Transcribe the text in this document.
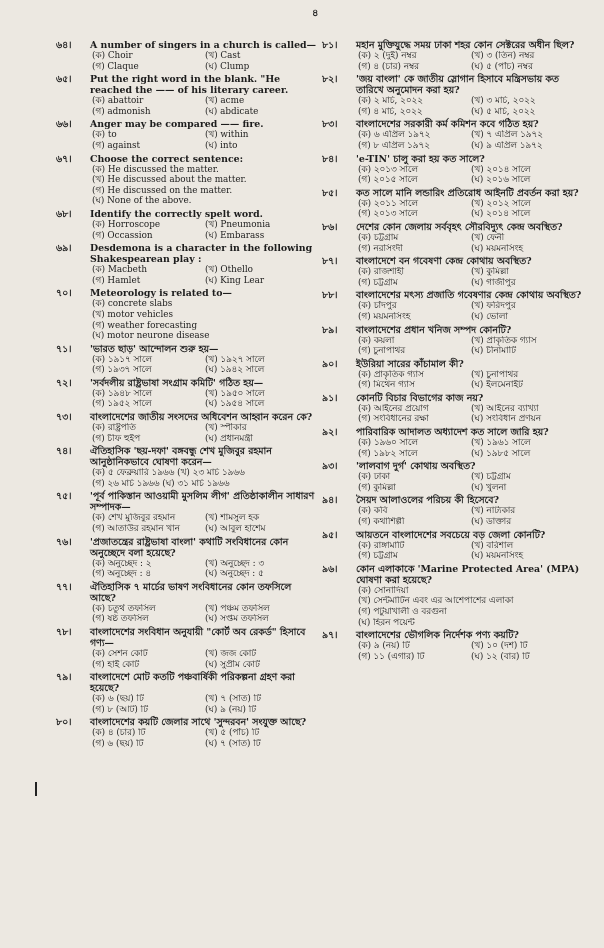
৪
৬৪।	A number of singers in a church is called—
(ক) Choir	(খ) Cast
(গ) Claque	(ঘ) Clump
৬৫।	Put the right word in the blank. "He reached the —— of his literary career.
(ক) abattoir	(খ) acme
(গ) admonish	(ঘ) abdicate
৬৬।	Anger may be compared —— fire.
(ক) to	(খ) within
(গ) against	(ঘ) into
৬৭।	Choose the correct sentence:
(ক) He discussed the matter.
(খ) He discussed about the matter.
(গ) He discussed on the matter.
(ঘ) None of the above.
৬৮।	Identify the correctly spelt word.
(ক) Horroscope	(খ) Pneumonia
(গ) Occassion	(ঘ) Embarass
৬৯।	Desdemona is a character in the following Shakespearean play :
(ক) Macbeth	(খ) Othello
(গ) Hamlet	(ঘ) King Lear
৭০।	Meteorology is related to—
(ক) concrete slabs
(খ) motor vehicles
(গ) weather forecasting
(ঘ) motor neurone disease
৭১।	'ভারত ছাড়' আন্দোলন শুরু হয়—
(ক) ১৯১৭ সালে	(খ) ১৯২৭ সালে
(গ) ১৯৩৭ সালে	(ঘ) ১৯৪২ সালে
৭২।	'সর্বদলীয় রাষ্ট্রভাষা সংগ্রাম কমিটি' গঠিত হয়—
(ক) ১৯৪৮ সালে	(খ) ১৯৫০ সালে
(গ) ১৯৫২ সালে	(ঘ) ১৯৫৪ সালে
৭৩।	বাংলাদেশের জাতীয় সংসদের অধিবেশন আহ্বান করেন কে?
(ক) রাষ্ট্রপতি	(খ) স্পীকার
(গ) চীফ হুইপ	(ঘ) প্রধানমন্ত্রী
৭৪।	ঐতিহাসিক 'ছয়-দফা' বঙ্গবন্ধু শেখ মুজিবুর রহমান আনুষ্ঠানিকভাবে ঘোষণা করেন—
(ক) ৫ ফেব্রুয়ারি ১৯৬৬ (খ) ২৩ মার্চ ১৯৬৬
(গ) ২৬ মার্চ ১৯৬৬ (ঘ) ৩১ মার্চ ১৯৬৬
৭৫।	'পূর্ব পাকিস্তান আওয়ামী মুসলিম লীগ' প্রতিষ্ঠাকালীন সাধারণ সম্পাদক—
(ক) শেখ মুজিবুর রহমান	(খ) শামসুল হক
(গ) আতাউর রহমান খান	(ঘ) আবুল হাশেম
৭৬।	'প্রজাতন্ত্রের রাষ্ট্রভাষা বাংলা' কথাটি সংবিধানের কোন অনুচ্ছেদে বলা হয়েছে?
(ক) অনুচ্ছেদ : ২	(খ) অনুচ্ছেদ : ৩
(গ) অনুচ্ছেদ : ৪	(ঘ) অনুচ্ছেদ : ৫
৭৭।	ঐতিহাসিক ৭ মার্চের ভাষণ সংবিধানের কোন তফসিলে আছে?
(ক) চতুর্থ তফসিল	(খ) পঞ্চম তফসিল
(গ) ষষ্ঠ তফসিল	(ঘ) সপ্তম তফসিল
৭৮।	বাংলাদেশের সংবিধান অনুযায়ী "কোর্ট অব রেকর্ড" হিসাবে গণ্য—
(ক) সেশন কোর্ট	(খ) জজ কোর্ট
(গ) হাই কোর্ট	(ঘ) সুপ্রীম কোর্ট
৭৯।	বাংলাদেশে মোট কতটি পঞ্চবার্ষিকী পরিকল্পনা গ্রহণ করা হয়েছে?
(ক) ৬ (ছয়) টি	(খ) ৭ (সাত) টি
(গ) ৮ (আট) টি	(ঘ) ৯ (নয়) টি
৮০।	বাংলাদেশের কয়টি জেলার সাথে 'সুন্দরবন' সংযুক্ত আছে?
(ক) ৪ (চার) টি	(খ) ৫ (পাঁচ) টি
(গ) ৬ (ছয়) টি	(ঘ) ৭ (সাত) টি
৮১।	মহান মুক্তিযুদ্ধে সময় ঢাকা শহর কোন সেক্টরের অধীন ছিল?
(ক) ২ (দুই) নম্বর	(খ) ৩ (তিন) নম্বর
(গ) ৪ (চার) নম্বর	(ঘ) ৫ (পাঁচ) নম্বর
৮২।	'জয় বাংলা' কে জাতীয় স্লোগান হিসাবে মন্ত্রিসভায় কত তারিখে অনুমোদন করা হয়?
(ক) ২ মার্চ, ২০২২	(খ) ৩ মার্চ, ২০২২
(গ) ৪ মার্চ, ২০২২	(ঘ) ৫ মার্চ, ২০২২
৮৩।	বাংলাদেশের সরকারী কর্ম কমিশন কবে গঠিত হয়?
(ক) ৬ এপ্রিল ১৯৭২	(খ) ৭ এপ্রিল ১৯৭২
(গ) ৮ এপ্রিল ১৯৭২	(ঘ) ৯ এপ্রিল ১৯৭২
৮৪।	'e-TIN' চালু করা হয় কত সালে?
(ক) ২০১৩ সালে	(খ) ২০১৪ সালে
(গ) ২০১৫ সালে	(ঘ) ২০১৬ সালে
৮৫।	কত সালে মানি লন্ডারিং প্রতিরোধ আইনটি প্রবর্তন করা হয়?
(ক) ২০১১ সালে	(খ) ২০১২ সালে
(গ) ২০১৩ সালে	(ঘ) ২০১৪ সালে
৮৬।	দেশের কোন জেলায় সর্ববৃহৎ সৌরবিদ্যুৎ কেন্দ্র অবস্থিত?
(ক) চট্টগ্রাম	(খ) ফেনী
(গ) নরসিংদী	(ঘ) ময়মনসিংহ
৮৭।	বাংলাদেশে বন গবেষণা কেন্দ্র কোথায় অবস্থিত?
(ক) রাজশাহী	(খ) কুমিল্লা
(গ) চট্টগ্রাম	(ঘ) গাজীপুর
৮৮।	বাংলাদেশের মৎস্য প্রজাতি গবেষণার কেন্দ্র কোথায় অবস্থিত?
(ক) চাঁদপুর	(খ) ফরিদপুর
(গ) ময়মনসিংহ	(ঘ) ভোলা
৮৯।	বাংলাদেশের প্রধান খনিজ সম্পদ কোনটি?
(ক) কয়লা	(খ) প্রাকৃতিক গ্যাস
(গ) চুনাপাথর	(ঘ) চীনামাটি
৯০।	ইউরিয়া সারের কাঁচামাল কী?
(ক) প্রাকৃতিক গ্যাস	(খ) চুনাপাথর
(গ) মিথেন গ্যাস	(ঘ) ইলমেনাইট
৯১।	কোনটি বিচার বিভাগের কাজ নয়?
(ক) আইনের প্রয়োগ	(খ) আইনের ব্যাখ্যা
(গ) সংবিধানের রক্ষা	(ঘ) সংবিধান প্রণয়ন
৯২।	পারিবারিক আদালত অধ্যাদেশ কত সালে জারি হয়?
(ক) ১৯৬০ সালে	(খ) ১৯৬১ সালে
(গ) ১৯৮২ সালে	(ঘ) ১৯৮৫ সালে
৯৩।	'লালবাগ দুর্গ' কোথায় অবস্থিত?
(ক) ঢাকা	(খ) চট্টগ্রাম
(গ) কুমিল্লা	(ঘ) খুলনা
৯৪।	সৈয়দ আলাওলের পরিচয় কী হিসেবে?
(ক) কবি	(খ) নাট্যকার
(গ) কথাশিল্পী	(ঘ) ডাক্তার
৯৫।	আয়তনে বাংলাদেশের সবচেয়ে বড় জেলা কোনটি?
(ক) রাঙ্গামাটি	(খ) বরিশাল
(গ) চট্টগ্রাম	(ঘ) ময়মনসিংহ
৯৬।	কোন এলাকাকে 'Marine Protected Area' (MPA) ঘোষণা করা হয়েছে?
(ক) সোনাদিয়া
(খ) সেন্টমার্টিন এবং এর আশেপাশের এলাকা
(গ) পটুয়াখালী ও বরগুনা
(ঘ) হিরন পয়েন্ট
৯৭।	বাংলাদেশের ভৌগলিক নির্দেশক পণ্য কয়টি?
(ক) ৯ (নয়) টি	(খ) ১০ (দশ) টি
(গ) ১১ (এগার) টি	(ঘ) ১২ (বার) টি
